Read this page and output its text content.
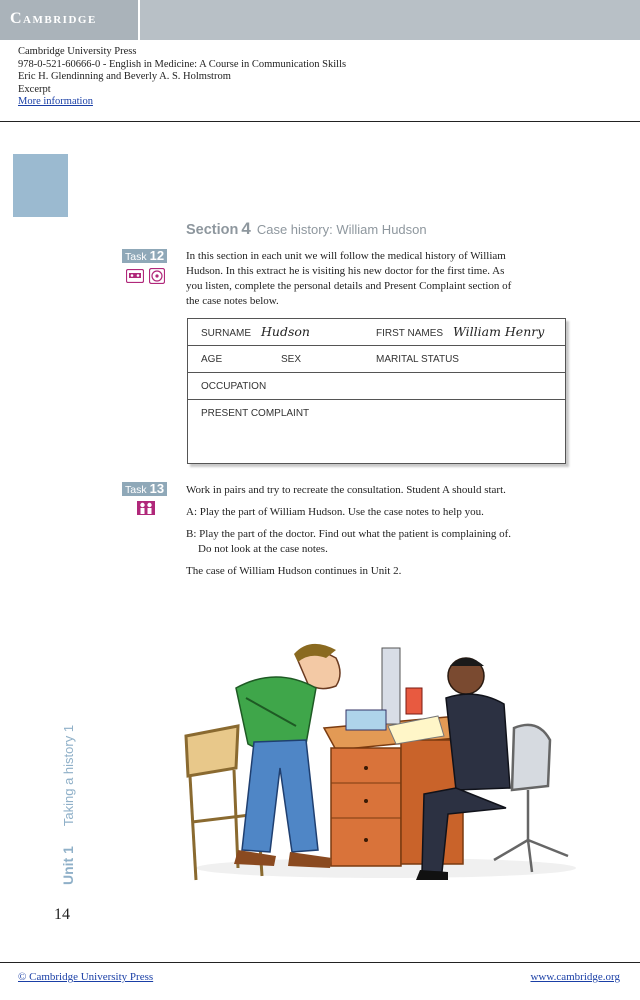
Cambridge
Cambridge University Press
978-0-521-60666-0 - English in Medicine: A Course in Communication Skills
Eric H. Glendinning and Beverly A. S. Holmstrom
Excerpt
More information
Section 4 Case history: William Hudson
Task 12 In this section in each unit we will follow the medical history of William
Hudson. In this extract he is visiting his new doctor for the first time. As
you listen, complete the personal details and Present Complaint section of
the case notes below.
SURNAME Hudson	FIRST NAMES William Henry
AGE	SEX	MARITAL STATUS
OCCUPATION
PRESENT COMPLAINT
Task 13 Work in pairs and try to recreate the consultation. Student A should start.
A: Play the part of William Hudson. Use the case notes to help you.
B: Play the part of the doctor. Find out what the patient is complaining of.
Do not look at the case notes.
The case of William Hudson continues in Unit 2.
Unit 1Taking a history 1
14
© Cambridge University Press	www.cambridge.org
